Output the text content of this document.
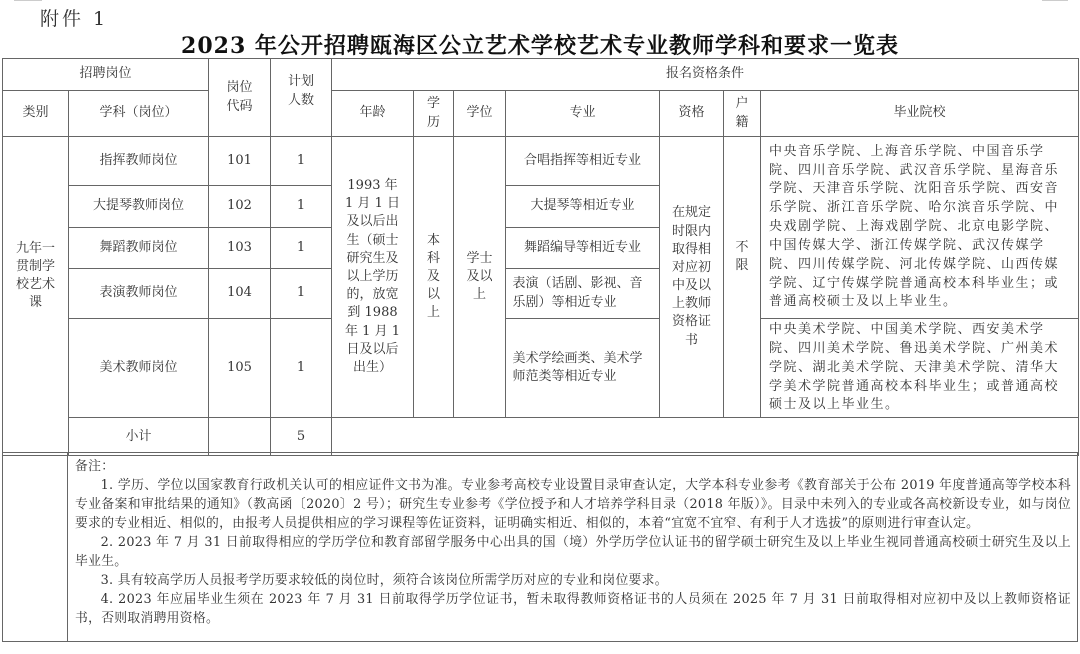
附件 1
2023 年公开招聘瓯海区公立艺术学校艺术专业教师学科和要求一览表
招聘岗位		岗位代码	计划人数	报名资格条件						
类别	学科（岗位）			年龄	学历	学位	专业	资格	户籍	毕业院校

九年一贯制学校艺术课	指挥教师岗位	101	1	1993 年 1 月 1 日及以后出生（硕士研究生及以上学历的，放宽到 1988 年 1 月 1 日及以后出生）	本科及以上	学士及以上	合唱指挥等相近专业	在规定时限内取得相对应初中及以上教师资格证书	不限	中央音乐学院、上海音乐学院、中国音乐学院、四川音乐学院、武汉音乐学院、星海音乐学院、天津音乐学院、沈阳音乐学院、西安音乐学院、浙江音乐学院、哈尔滨音乐学院、中央戏剧学院、上海戏剧学院、北京电影学院、中国传媒大学、浙江传媒学院、武汉传媒学院、四川传媒学院、河北传媒学院、山西传媒学院、辽宁传媒学院普通高校本科毕业生；或普通高校硕士及以上毕业生。
	大提琴教师岗位	102	1				大提琴等相近专业			
	舞蹈教师岗位	103	1				舞蹈编导等相近专业			
	表演教师岗位	104	1				表演（话剧、影视、音乐剧）等相近专业			

	美术教师岗位	105	1				美术学绘画类、美术学师范类等相近专业			中央美术学院、中国美术学院、西安美术学院、四川美术学院、鲁迅美术学院、广州美术学院、湖北美术学院、天津美术学院、清华大学美术学院普通高校本科毕业生；或普通高校硕士及以上毕业生。
	小计		5							

备注：

1. 学历、学位以国家教育行政机关认可的相应证件文书为准。专业参考高校专业设置目录审查认定，大学本科专业参考《教育部关于公布 2019 年度普通高等学校本科专业备案和审批结果的通知》（教高函〔2020〕2 号）；研究生专业参考《学位授予和人才培养学科目录（2018 年版）》。目录中未列入的专业或各高校新设专业，如与岗位要求的专业相近、相似的，由报考人员提供相应的学习课程等佐证资料，证明确实相近、相似的，本着“宜宽不宜窄、有利于人才选拔”的原则进行审查认定。

2. 2023 年 7 月 31 日前取得相应的学历学位和教育部留学服务中心出具的国（境）外学历学位认证书的留学硕士研究生及以上毕业生视同普通高校硕士研究生及以上毕业生。

3. 具有较高学历人员报考学历要求较低的岗位时，须符合该岗位所需学历对应的专业和岗位要求。

4. 2023 年应届毕业生须在 2023 年 7 月 31 日前取得学历学位证书，暂未取得教师资格证书的人员须在 2025 年 7 月 31 日前取得相对应初中及以上教师资格证书，否则取消聘用资格。
